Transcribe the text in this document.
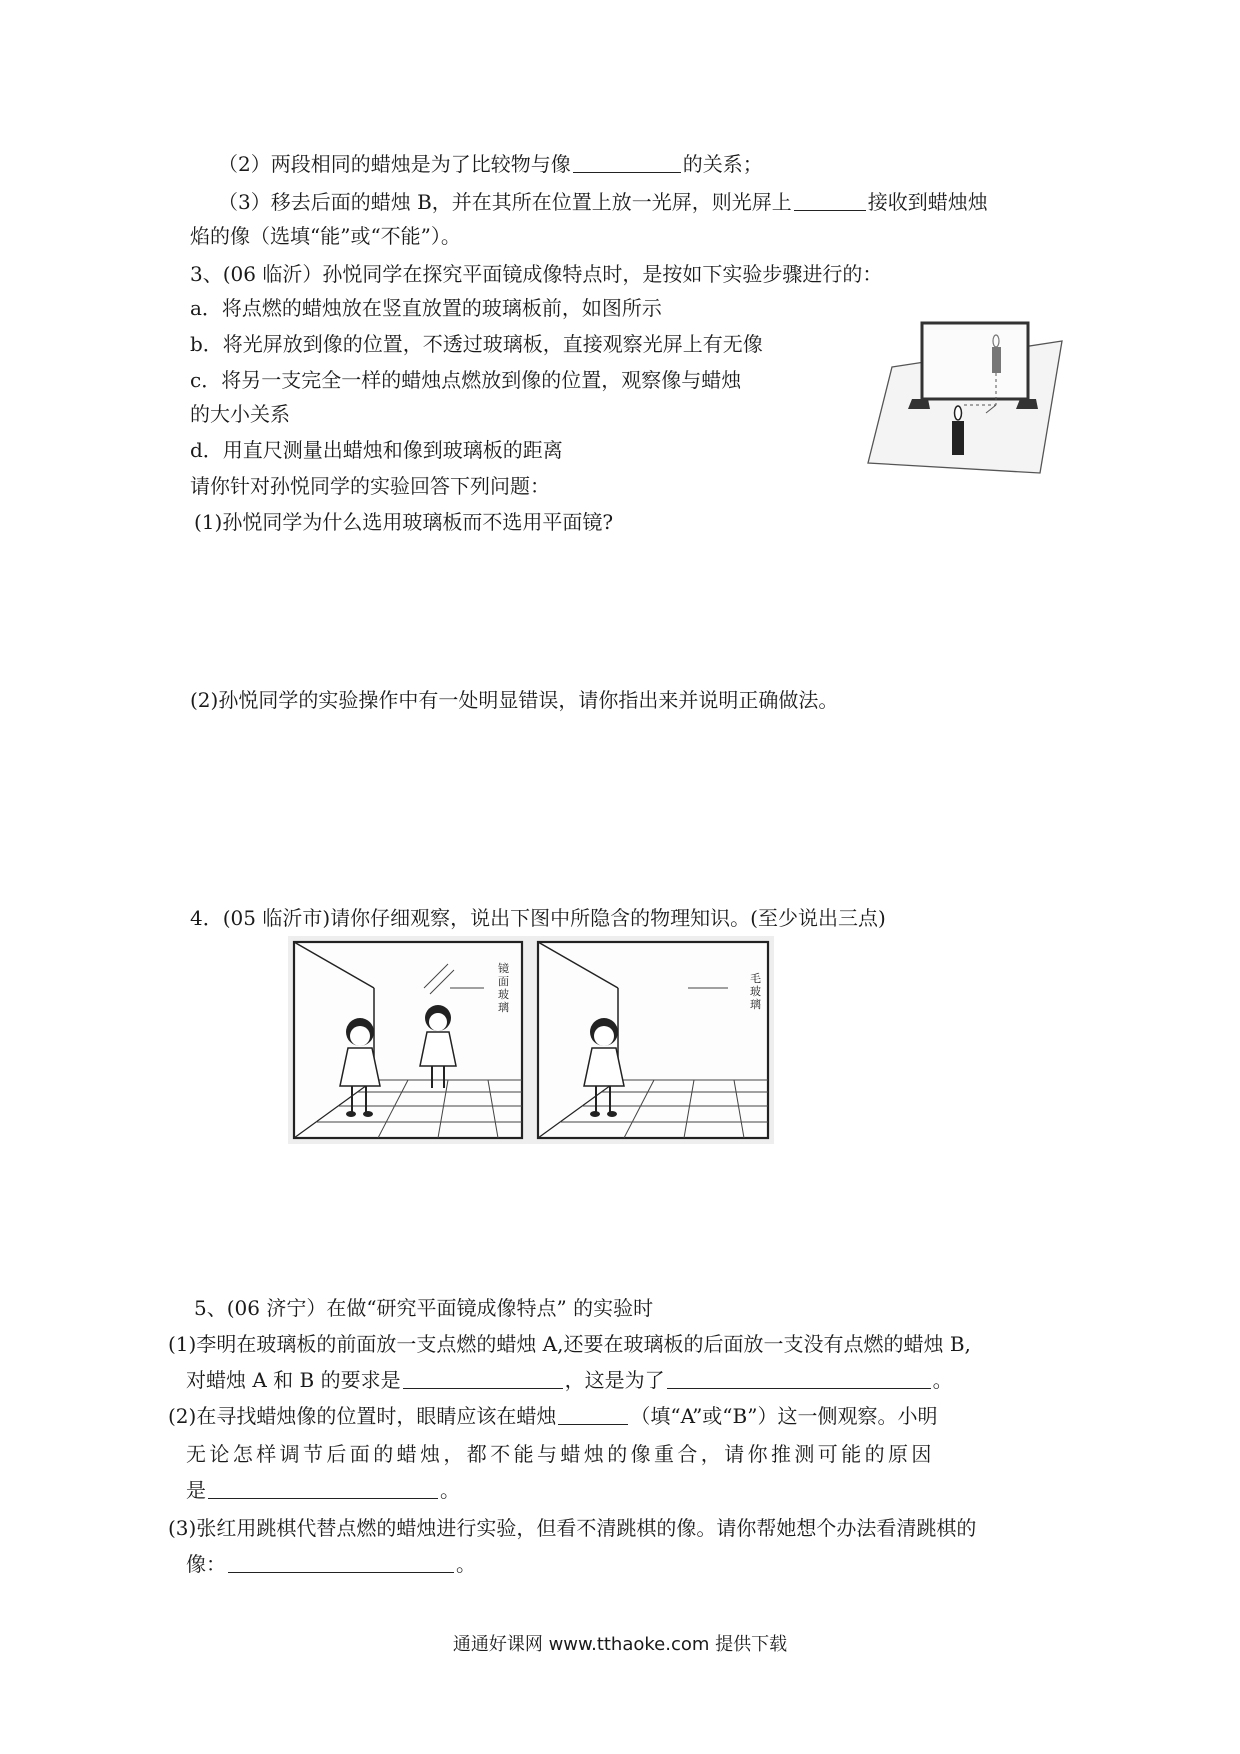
（2）两段相同的蜡烛是为了比较物与像	的关系；
（3）移去后面的蜡烛 B，并在其所在位置上放一光屏，则光屏上	接收到蜡烛烛
焰的像（选填“能”或“不能”）。
3、(06 临沂）孙悦同学在探究平面镜成像特点时，是按如下实验步骤进行的：
a．将点燃的蜡烛放在竖直放置的玻璃板前，如图所示
b．将光屏放到像的位置，不透过玻璃板，直接观察光屏上有无像
c．将另一支完全一样的蜡烛点燃放到像的位置，观察像与蜡烛
的大小关系
d．用直尺测量出蜡烛和像到玻璃板的距离
请你针对孙悦同学的实验回答下列问题：
(1)孙悦同学为什么选用玻璃板而不选用平面镜?
(2)孙悦同学的实验操作中有一处明显错误，请你指出来并说明正确做法。
4．(05 临沂市)请你仔细观察，说出下图中所隐含的物理知识。(至少说出三点)
镜面玻璃
毛玻璃
5、(06 济宁）在做“研究平面镜成像特点” 的实验时
(1)李明在玻璃板的前面放一支点燃的蜡烛 A,还要在玻璃板的后面放一支没有点燃的蜡烛 B,
对蜡烛 A 和 B 的要求是	，这是为了	。
(2)在寻找蜡烛像的位置时，眼睛应该在蜡烛	（填“A”或“B”）这一侧观察。小明
无论怎样调节后面的蜡烛，都不能与蜡烛的像重合，请你推测可能的原因
是	。
(3)张红用跳棋代替点燃的蜡烛进行实验，但看不清跳棋的像。请你帮她想个办法看清跳棋的
像：	。
通通好课网 www.tthaoke.com 提供下载
